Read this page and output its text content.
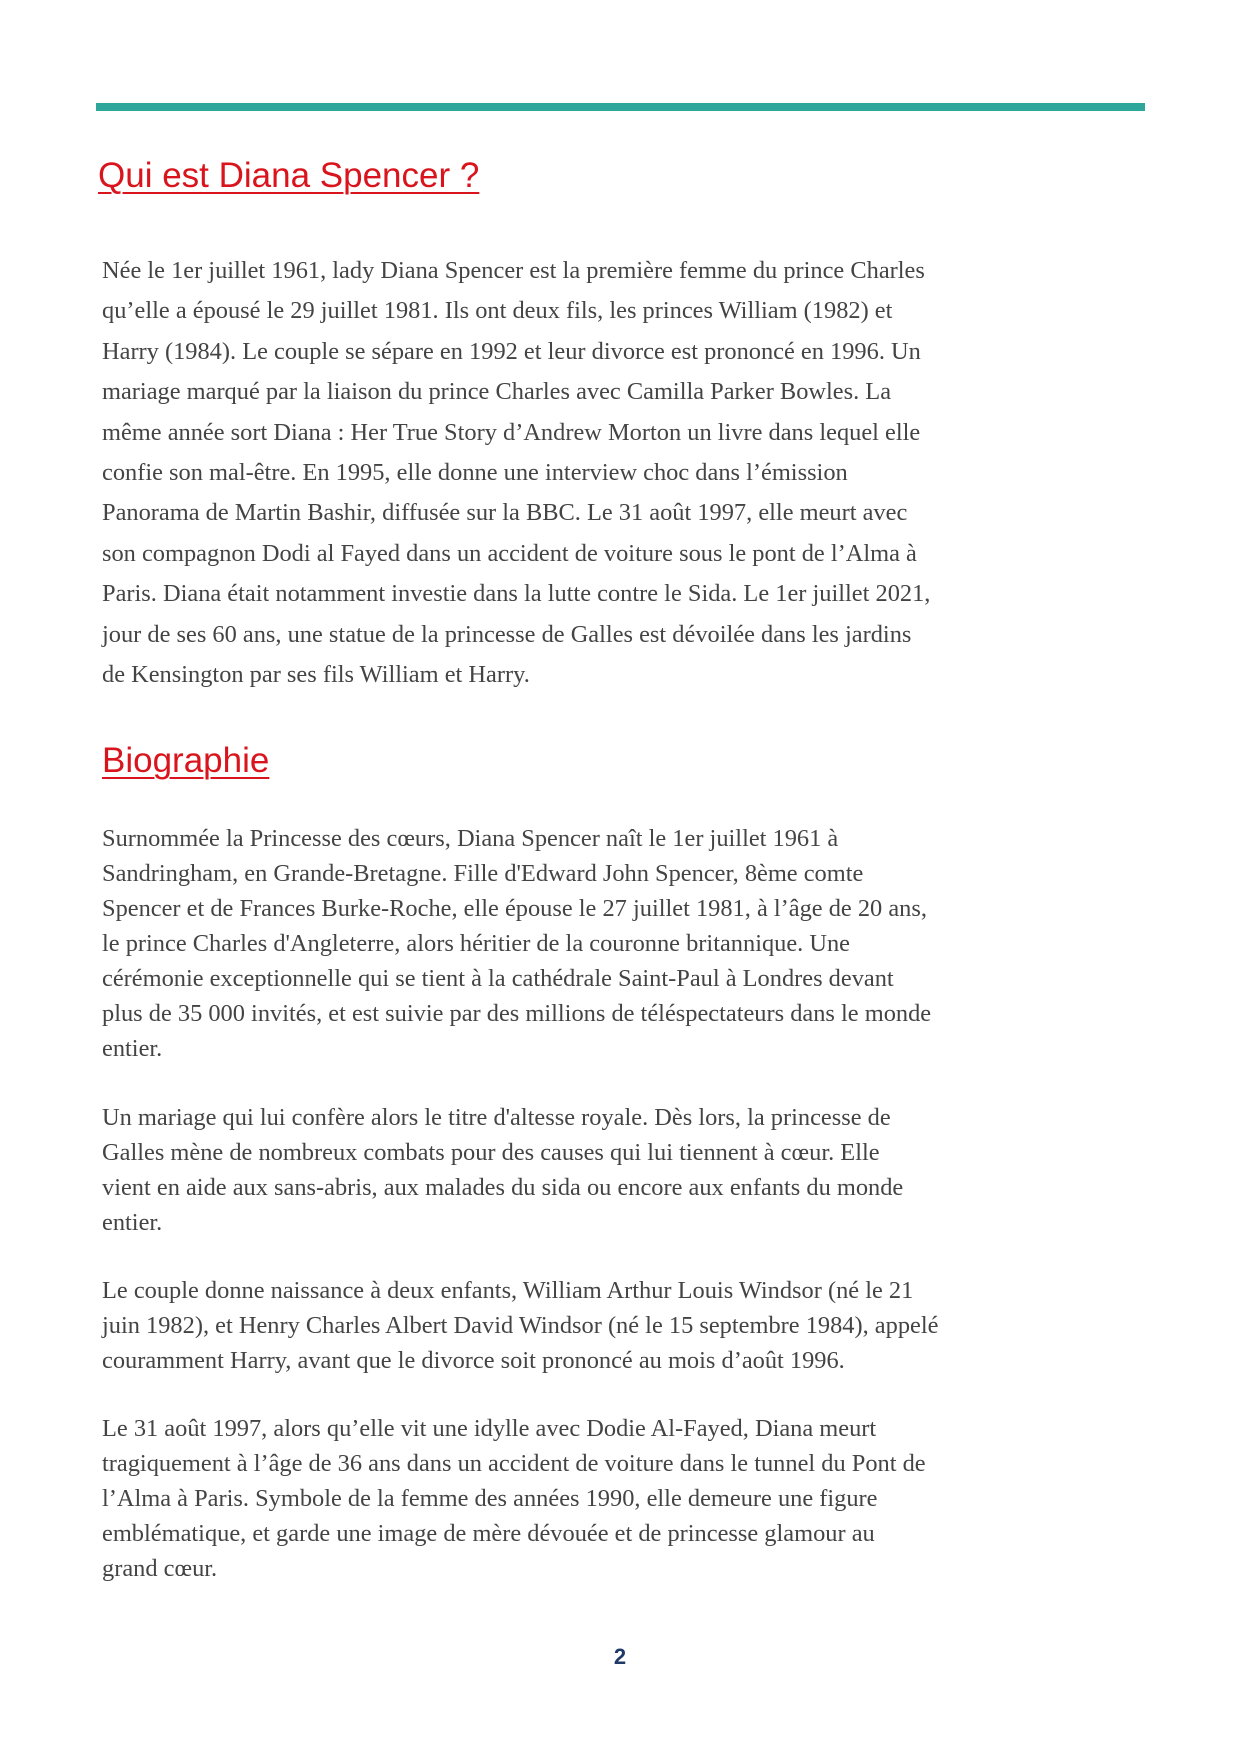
Qui est Diana Spencer ?
Née le 1er juillet 1961, lady Diana Spencer est la première femme du prince Charles
qu’elle a épousé le 29 juillet 1981. Ils ont deux fils, les princes William (1982) et
Harry (1984). Le couple se sépare en 1992 et leur divorce est prononcé en 1996. Un
mariage marqué par la liaison du prince Charles avec Camilla Parker Bowles. La
même année sort Diana : Her True Story d’Andrew Morton un livre dans lequel elle
confie son mal-être. En 1995, elle donne une interview choc dans l’émission
Panorama de Martin Bashir, diffusée sur la BBC. Le 31 août 1997, elle meurt avec
son compagnon Dodi al Fayed dans un accident de voiture sous le pont de l’Alma à
Paris. Diana était notamment investie dans la lutte contre le Sida. Le 1er juillet 2021,
jour de ses 60 ans, une statue de la princesse de Galles est dévoilée dans les jardins
de Kensington par ses fils William et Harry.
Biographie
Surnommée la Princesse des cœurs, Diana Spencer naît le 1er juillet 1961 à
Sandringham, en Grande-Bretagne. Fille d'Edward John Spencer, 8ème comte
Spencer et de Frances Burke-Roche, elle épouse le 27 juillet 1981, à l’âge de 20 ans,
le prince Charles d'Angleterre, alors héritier de la couronne britannique. Une
cérémonie exceptionnelle qui se tient à la cathédrale Saint-Paul à Londres devant
plus de 35 000 invités, et est suivie par des millions de téléspectateurs dans le monde
entier.
Un mariage qui lui confère alors le titre d'altesse royale. Dès lors, la princesse de
Galles mène de nombreux combats pour des causes qui lui tiennent à cœur. Elle
vient en aide aux sans-abris, aux malades du sida ou encore aux enfants du monde
entier.
Le couple donne naissance à deux enfants, William Arthur Louis Windsor (né le 21
juin 1982), et Henry Charles Albert David Windsor (né le 15 septembre 1984), appelé
couramment Harry, avant que le divorce soit prononcé au mois d’août 1996.
Le 31 août 1997, alors qu’elle vit une idylle avec Dodie Al-Fayed, Diana meurt
tragiquement à l’âge de 36 ans dans un accident de voiture dans le tunnel du Pont de
l’Alma à Paris. Symbole de la femme des années 1990, elle demeure une figure
emblématique, et garde une image de mère dévouée et de princesse glamour au
grand cœur.
2
